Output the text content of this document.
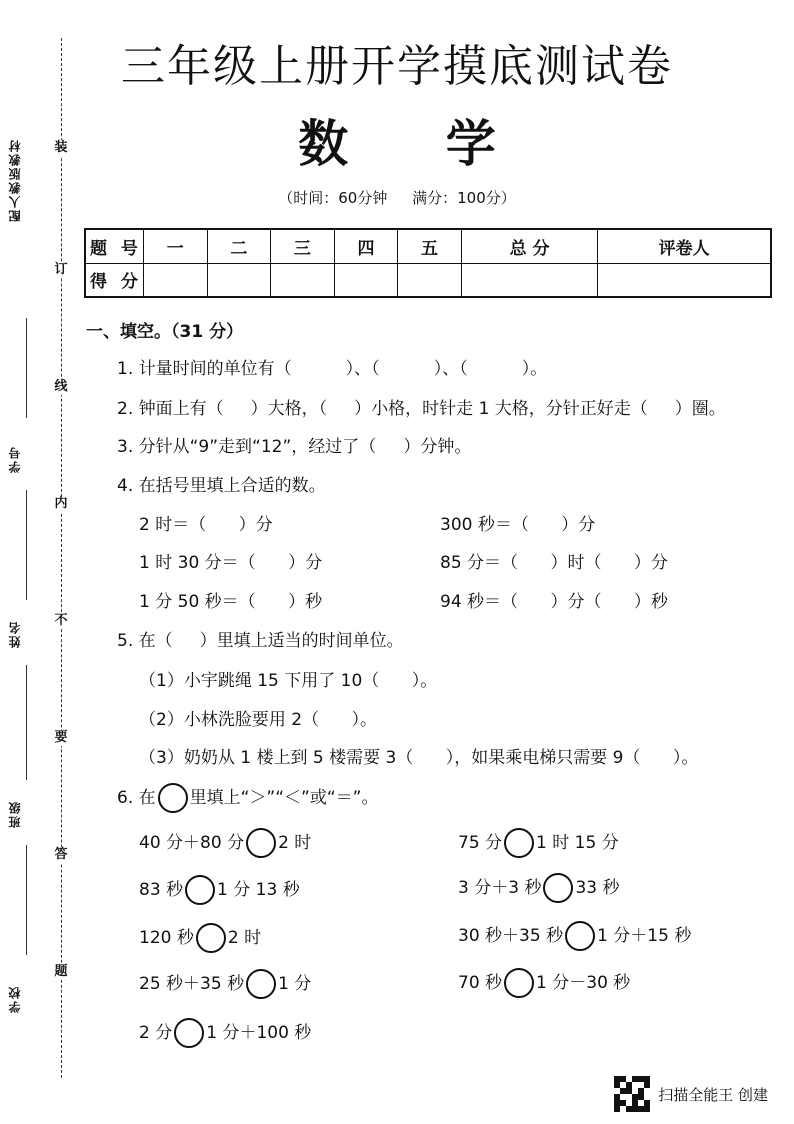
装
订
线
内
不
要
答
题
配人教版教材
学号
姓名
班级
学校
三年级上册开学摸底测试卷
数 学
（时间：60分钟 满分：100分）
题 号	一	二	三	四	五	总 分	评卷人
得 分							
一、填空。（31 分）
1. 计量时间的单位有（          ）、（          ）、（          ）。
2. 钟面上有（     ）大格，（     ）小格，时针走 1 大格，分针正好走（     ）圈。
3. 分针从“9”走到“12”，经过了（     ）分钟。
4. 在括号里填上合适的数。
2 时＝（      ）分	300 秒＝（      ）分
1 时 30 分＝（      ）分	85 分＝（      ）时（      ）分
1 分 50 秒＝（      ）秒	94 秒＝（      ）分（      ）秒
5. 在（     ）里填上适当的时间单位。
（1）小宇跳绳 15 下用了 10（      ）。
（2）小林洗脸要用 2（      ）。
（3）奶奶从 1 楼上到 5 楼需要 3（      ），如果乘电梯只需要 9（      ）。
6. 在 里填上“＞”“＜”或“＝”。
40 分＋80 分 2 时	75 分 1 时 15 分
83 秒 1 分 13 秒	3 分＋3 秒 33 秒
120 秒 2 时	30 秒＋35 秒 1 分＋15 秒
25 秒＋35 秒 1 分	70 秒 1 分－30 秒
2 分 1 分＋100 秒
扫描全能王 创建
